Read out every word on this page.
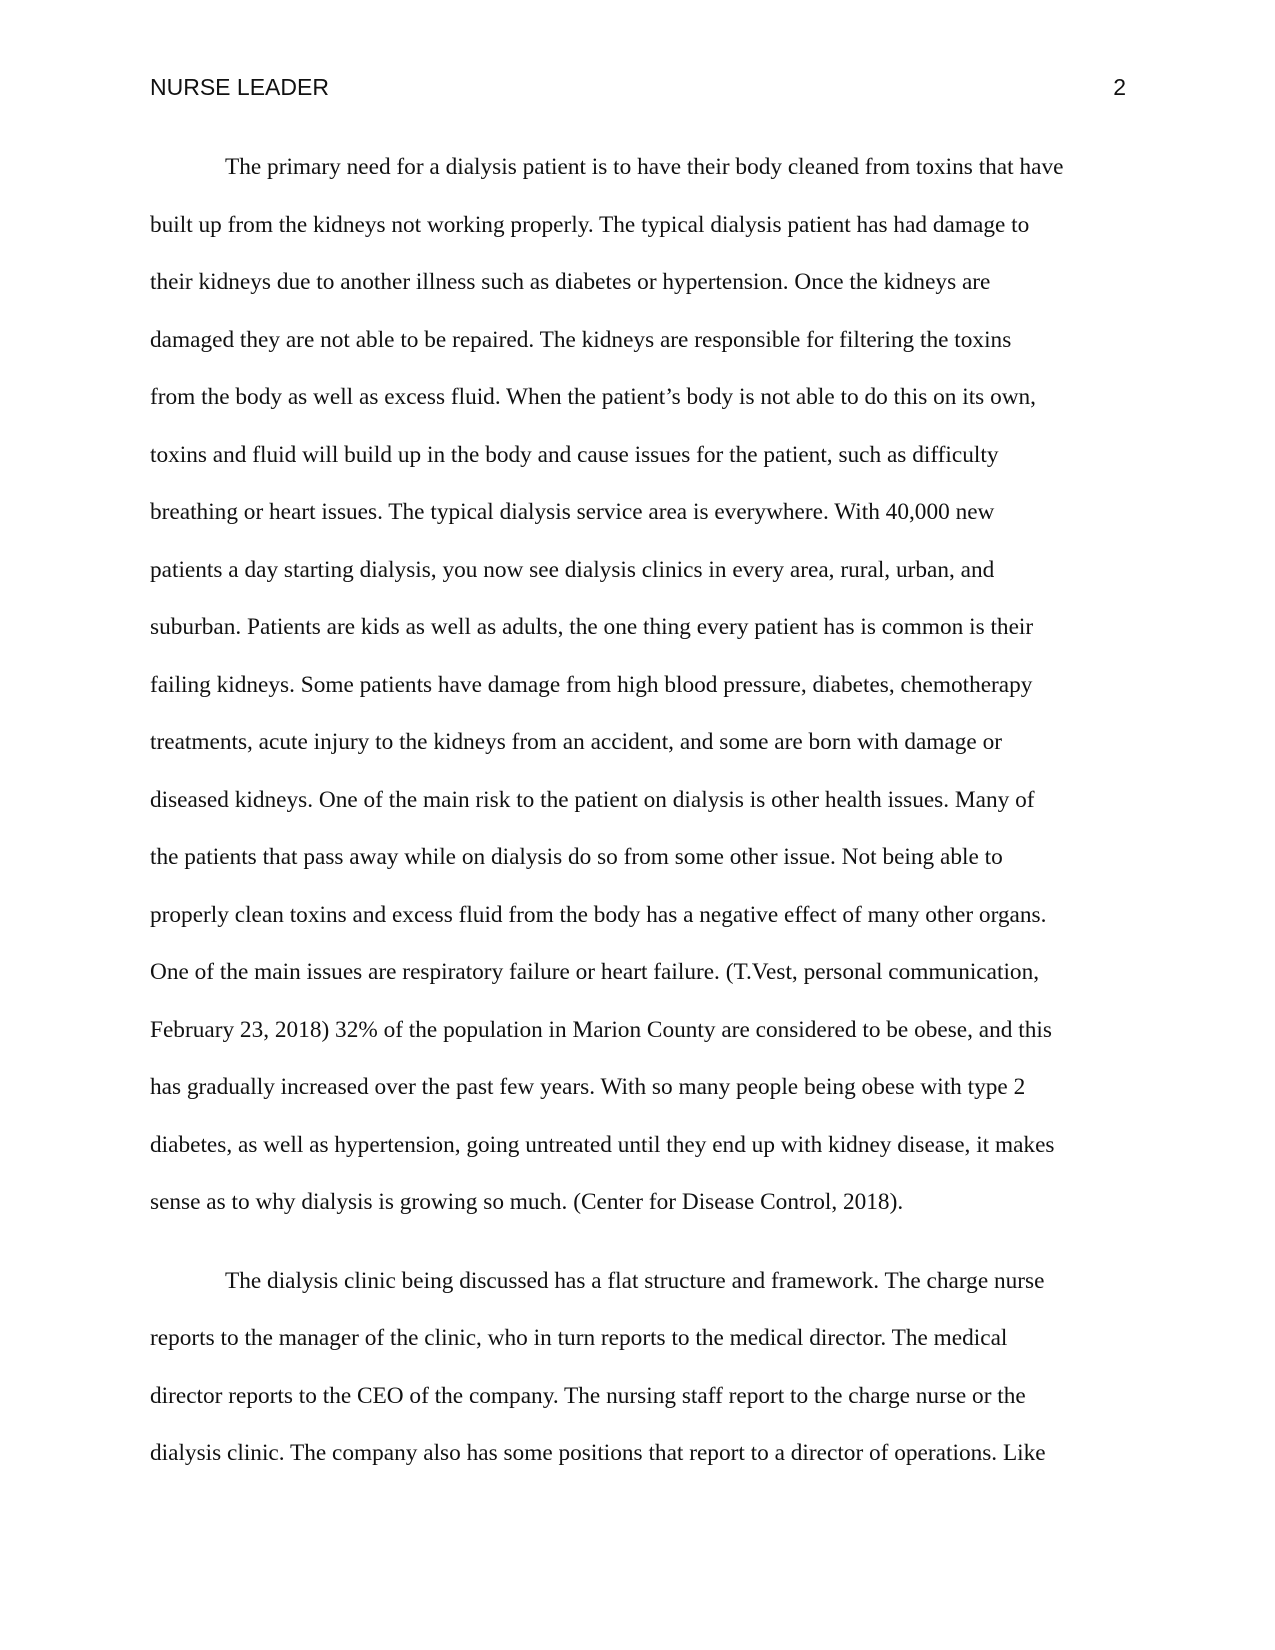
NURSE LEADER	2
The primary need for a dialysis patient is to have their body cleaned from toxins that have
built up from the kidneys not working properly. The typical dialysis patient has had damage to
their kidneys due to another illness such as diabetes or hypertension. Once the kidneys are
damaged they are not able to be repaired. The kidneys are responsible for filtering the toxins
from the body as well as excess fluid. When the patient’s body is not able to do this on its own,
toxins and fluid will build up in the body and cause issues for the patient, such as difficulty
breathing or heart issues. The typical dialysis service area is everywhere. With 40,000 new
patients a day starting dialysis, you now see dialysis clinics in every area, rural, urban, and
suburban. Patients are kids as well as adults, the one thing every patient has is common is their
failing kidneys. Some patients have damage from high blood pressure, diabetes, chemotherapy
treatments, acute injury to the kidneys from an accident, and some are born with damage or
diseased kidneys. One of the main risk to the patient on dialysis is other health issues. Many of
the patients that pass away while on dialysis do so from some other issue. Not being able to
properly clean toxins and excess fluid from the body has a negative effect of many other organs.
One of the main issues are respiratory failure or heart failure. (T.Vest, personal communication,
February 23, 2018) 32% of the population in Marion County are considered to be obese, and this
has gradually increased over the past few years. With so many people being obese with type 2
diabetes, as well as hypertension, going untreated until they end up with kidney disease, it makes
sense as to why dialysis is growing so much. (Center for Disease Control, 2018).
The dialysis clinic being discussed has a flat structure and framework. The charge nurse
reports to the manager of the clinic, who in turn reports to the medical director. The medical
director reports to the CEO of the company. The nursing staff report to the charge nurse or the
dialysis clinic. The company also has some positions that report to a director of operations. Like
